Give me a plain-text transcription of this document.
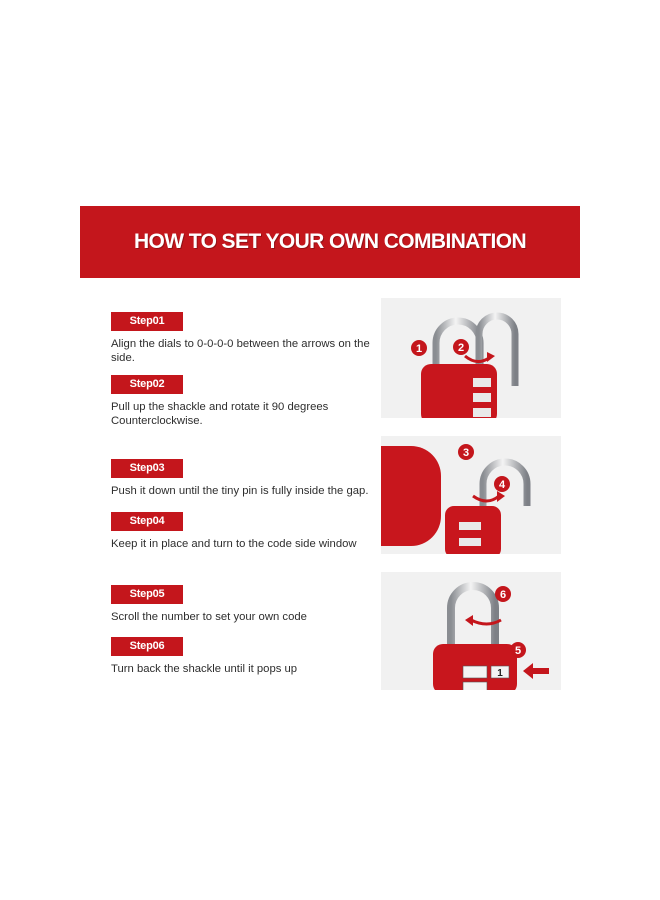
HOW TO SET YOUR OWN COMBINATION
Step01

Align the dials to 0-0-0-0 between the arrows on the side.

Step02

Pull up the shackle and rotate it 90 degrees Counterclockwise.

Step03

Push it down until the tiny pin is fully inside the gap.

Step04

Keep it in place and turn to the code side window

Step05

Scroll the number to set your own code

Step06

Turn back the shackle until it pops up

1	2
3
4
1
6
5
